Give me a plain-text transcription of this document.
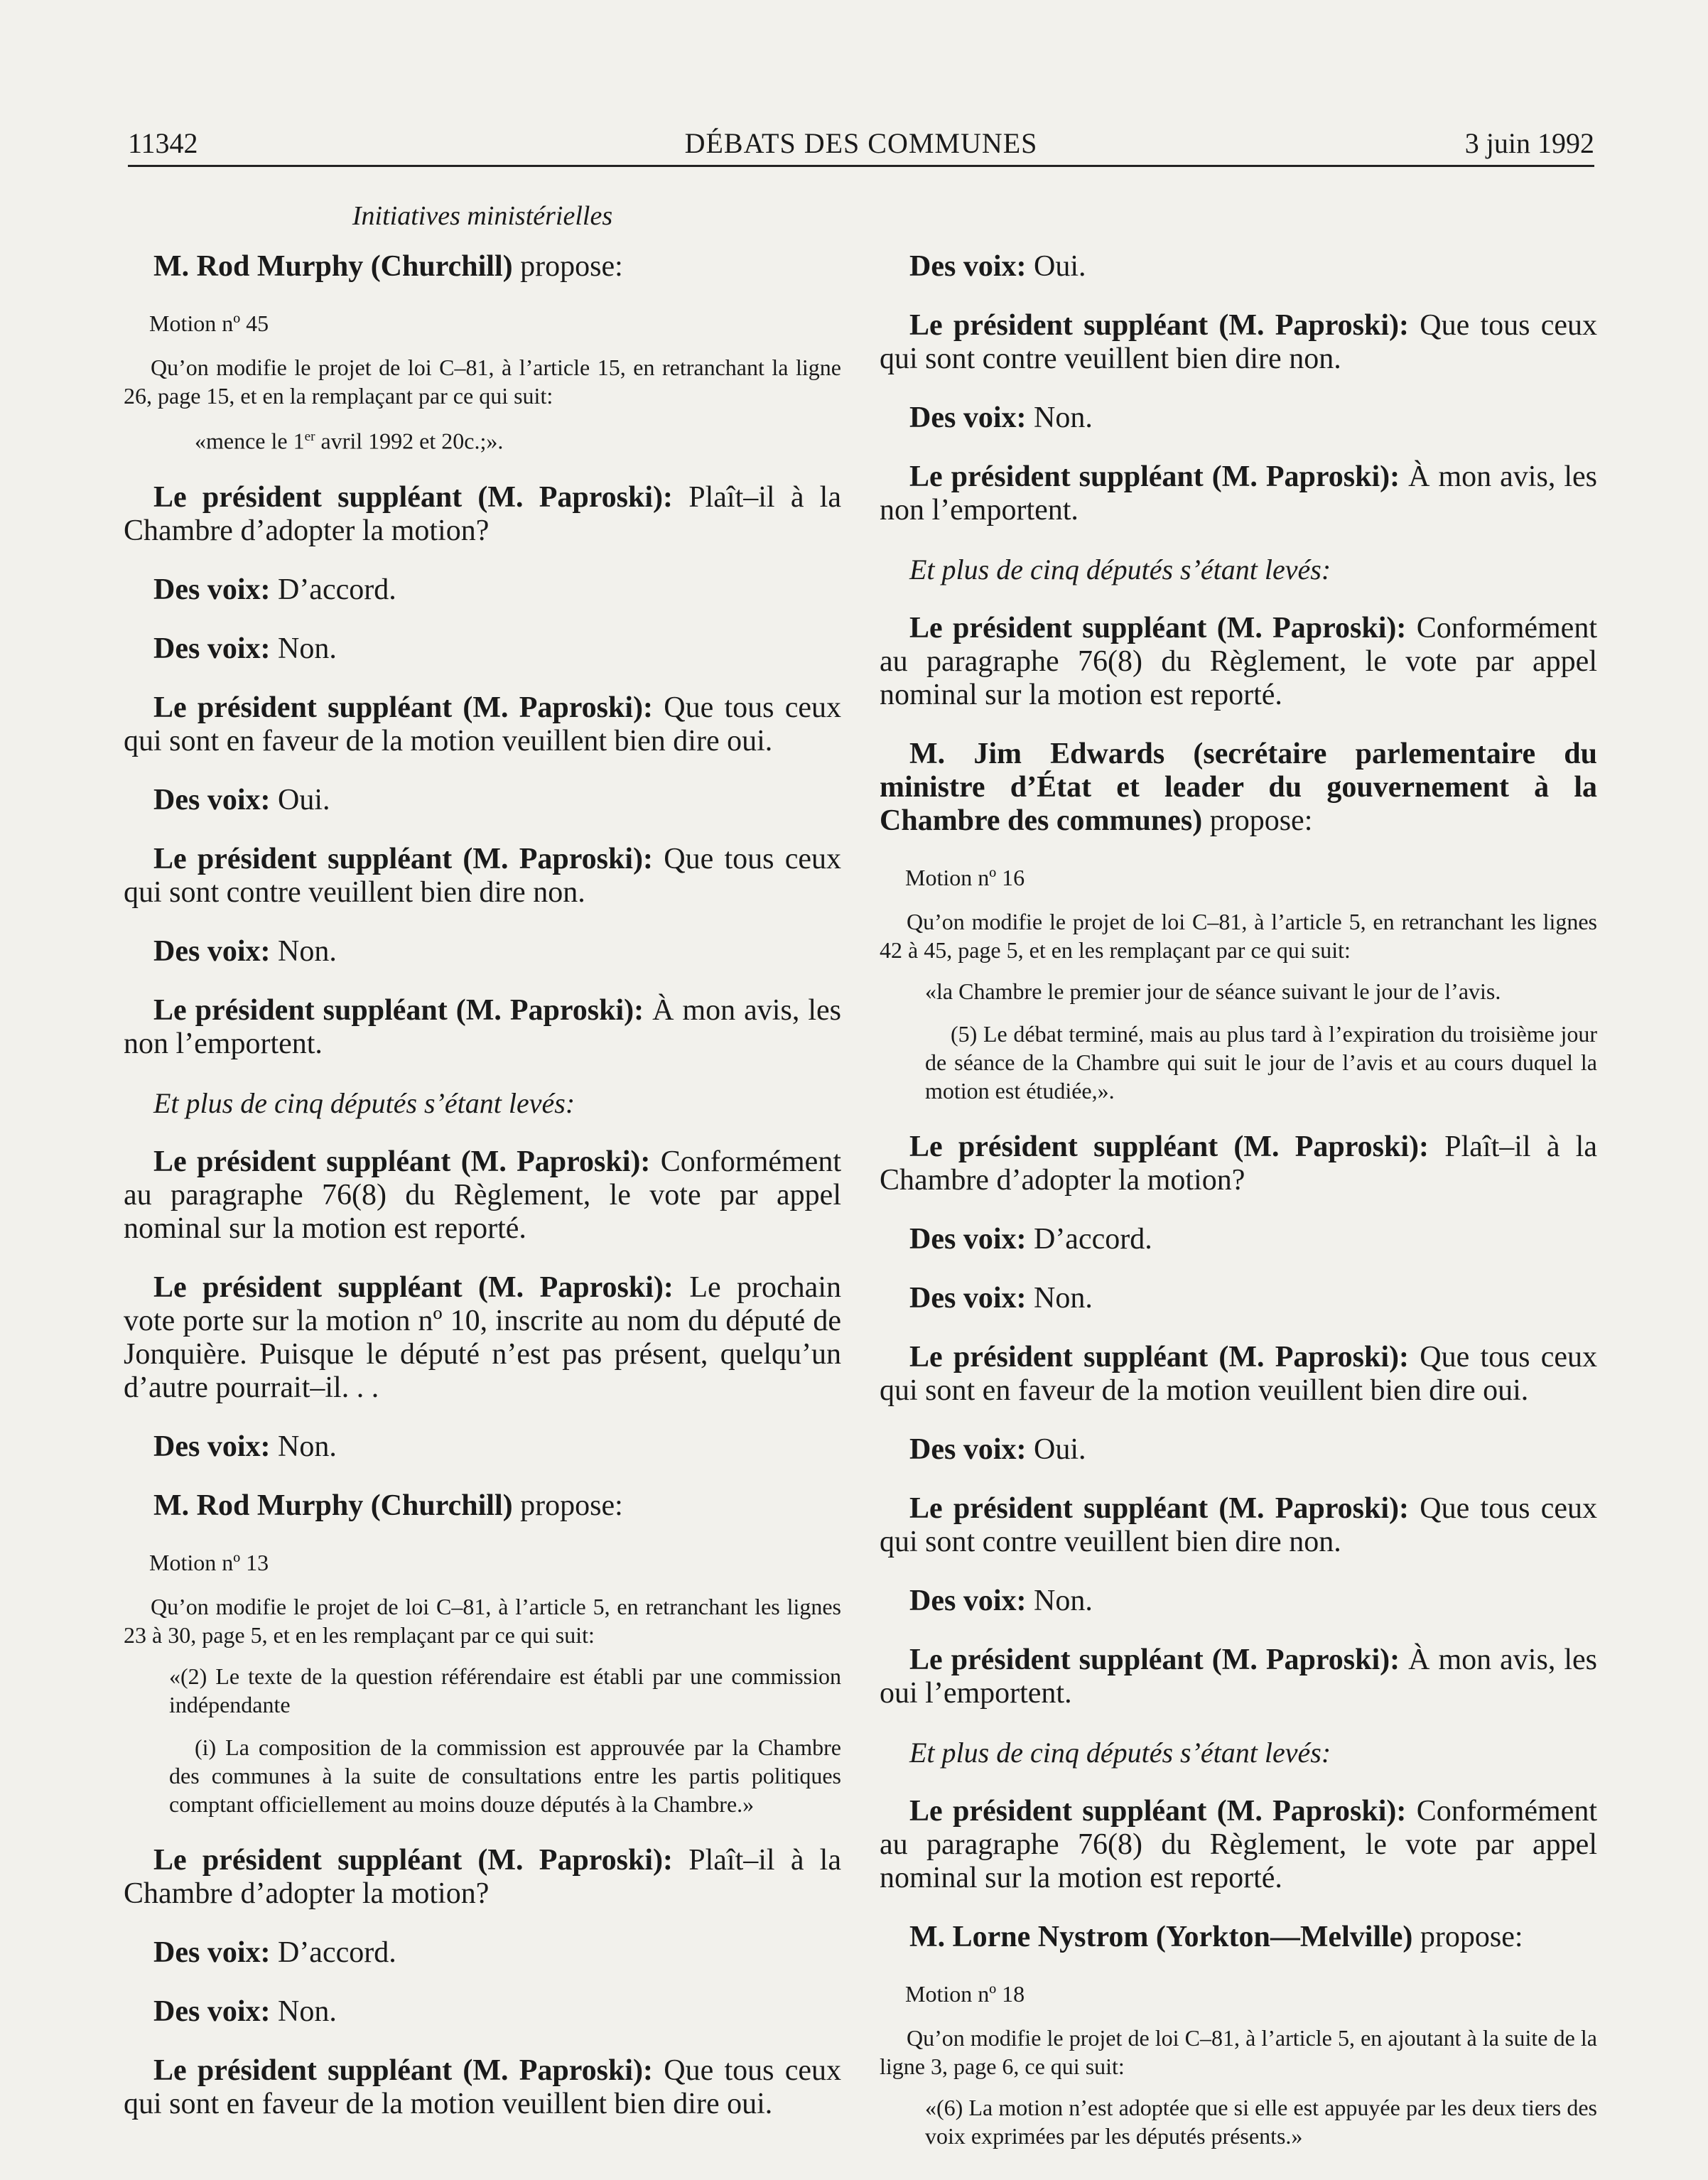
11342	DÉBATS DES COMMUNES	3 juin 1992

Initiatives ministérielles

M. Rod Murphy (Churchill) propose:

Motion nº 45

Qu’on modifie le projet de loi C–81, à l’article 15, en retranchant la ligne 26, page 15, et en la remplaçant par ce qui suit:

«mence le 1er avril 1992 et 20c.;».

Le président suppléant (M. Paproski): Plaît–il à la Chambre d’adopter la motion?

Des voix: D’accord.

Des voix: Non.

Le président suppléant (M. Paproski): Que tous ceux qui sont en faveur de la motion veuillent bien dire oui.

Des voix: Oui.

Le président suppléant (M. Paproski): Que tous ceux qui sont contre veuillent bien dire non.

Des voix: Non.

Le président suppléant (M. Paproski): À mon avis, les non l’emportent.

Et plus de cinq députés s’étant levés:

Le président suppléant (M. Paproski): Conformément au paragraphe 76(8) du Règlement, le vote par appel nominal sur la motion est reporté.

Le président suppléant (M. Paproski): Le prochain vote porte sur la motion nº 10, inscrite au nom du député de Jonquière. Puisque le député n’est pas présent, quelqu’un d’autre pourrait–il. . .

Des voix: Non.

M. Rod Murphy (Churchill) propose:

Motion nº 13

Qu’on modifie le projet de loi C–81, à l’article 5, en retranchant les lignes 23 à 30, page 5, et en les remplaçant par ce qui suit:

«(2) Le texte de la question référendaire est établi par une commission indépendante

(i) La composition de la commission est approuvée par la Chambre des communes à la suite de consultations entre les partis politiques comptant officiellement au moins douze députés à la Chambre.»

Le président suppléant (M. Paproski): Plaît–il à la Chambre d’adopter la motion?

Des voix: D’accord.

Des voix: Non.

Le président suppléant (M. Paproski): Que tous ceux qui sont en faveur de la motion veuillent bien dire oui.

Des voix: Oui.

Le président suppléant (M. Paproski): Que tous ceux qui sont contre veuillent bien dire non.

Des voix: Non.

Le président suppléant (M. Paproski): À mon avis, les non l’emportent.

Et plus de cinq députés s’étant levés:

Le président suppléant (M. Paproski): Conformément au paragraphe 76(8) du Règlement, le vote par appel nominal sur la motion est reporté.

M. Jim Edwards (secrétaire parlementaire du ministre d’État et leader du gouvernement à la Chambre des communes) propose:

Motion nº 16

Qu’on modifie le projet de loi C–81, à l’article 5, en retranchant les lignes 42 à 45, page 5, et en les remplaçant par ce qui suit:

«la Chambre le premier jour de séance suivant le jour de l’avis.

(5) Le débat terminé, mais au plus tard à l’expiration du troisième jour de séance de la Chambre qui suit le jour de l’avis et au cours duquel la motion est étudiée,».

Le président suppléant (M. Paproski): Plaît–il à la Chambre d’adopter la motion?

Des voix: D’accord.

Des voix: Non.

Le président suppléant (M. Paproski): Que tous ceux qui sont en faveur de la motion veuillent bien dire oui.

Des voix: Oui.

Le président suppléant (M. Paproski): Que tous ceux qui sont contre veuillent bien dire non.

Des voix: Non.

Le président suppléant (M. Paproski): À mon avis, les oui l’emportent.

Et plus de cinq députés s’étant levés:

Le président suppléant (M. Paproski): Conformément au paragraphe 76(8) du Règlement, le vote par appel nominal sur la motion est reporté.

M. Lorne Nystrom (Yorkton—Melville) propose:

Motion nº 18

Qu’on modifie le projet de loi C–81, à l’article 5, en ajoutant à la suite de la ligne 3, page 6, ce qui suit:

«(6) La motion n’est adoptée que si elle est appuyée par les deux tiers des voix exprimées par les députés présents.»
